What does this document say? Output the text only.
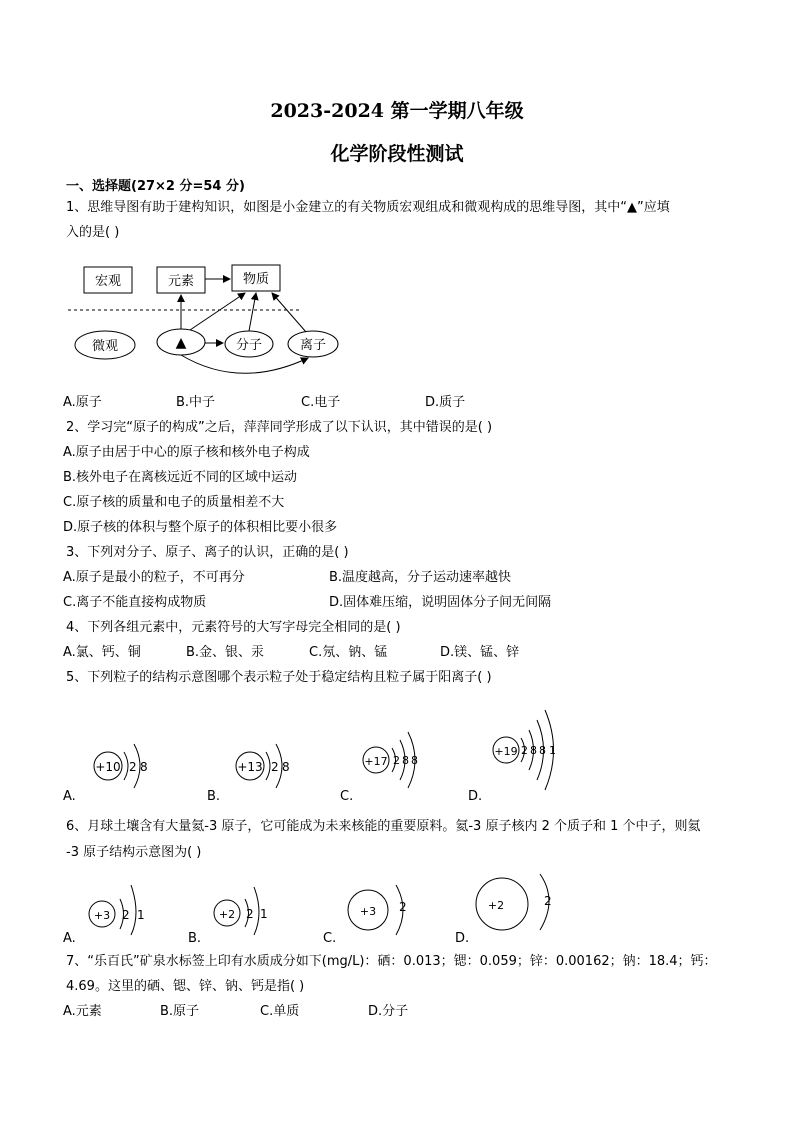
2023-2024 第一学期八年级
化学阶段性测试
一、选择题(27×2 分=54 分)
1、思维导图有助于建构知识，如图是小金建立的有关物质宏观组成和微观构成的思维导图，其中“▲”应填
入的是( )
宏观	元素	物质
微观	▲	分子	离子
A.原子	B.中子	C.电子	D.质子
2、学习完“原子的构成”之后，萍萍同学形成了以下认识，其中错误的是( )
A.原子由居于中心的原子核和核外电子构成
B.核外电子在离核远近不同的区域中运动
C.原子核的质量和电子的质量相差不大
D.原子核的体积与整个原子的体积相比要小很多
3、下列对分子、原子、离子的认识，正确的是( )
A.原子是最小的粒子，不可再分	B.温度越高，分子运动速率越快
C.离子不能直接构成物质	D.固体难压缩，说明固体分子间无间隔
4、下列各组元素中，元素符号的大写字母完全相同的是( )
A.氯、钙、铜	B.金、银、汞	C.氖、钠、锰	D.镁、锰、锌
5、下列粒子的结构示意图哪个表示粒子处于稳定结构且粒子属于阳离子( )
+10 2 8	+13 2 8	+17 2 8 8
+19 2 8 8 1
A.	B.	C.	D.
6、月球土壤含有大量氦-3 原子，它可能成为未来核能的重要原料。氦-3 原子核内 2 个质子和 1 个中子，则氦
-3 原子结构示意图为( )
+3 2 1	+2 2 1	+3 2	+2	2
A.	B.	C.	D.
7、“乐百氏”矿泉水标签上印有水质成分如下(mg/L)：硒：0.013；锶：0.059；锌：0.00162；钠：18.4；钙：
4.69。这里的硒、锶、锌、钠、钙是指( )
A.元素	B.原子	C.单质	D.分子
